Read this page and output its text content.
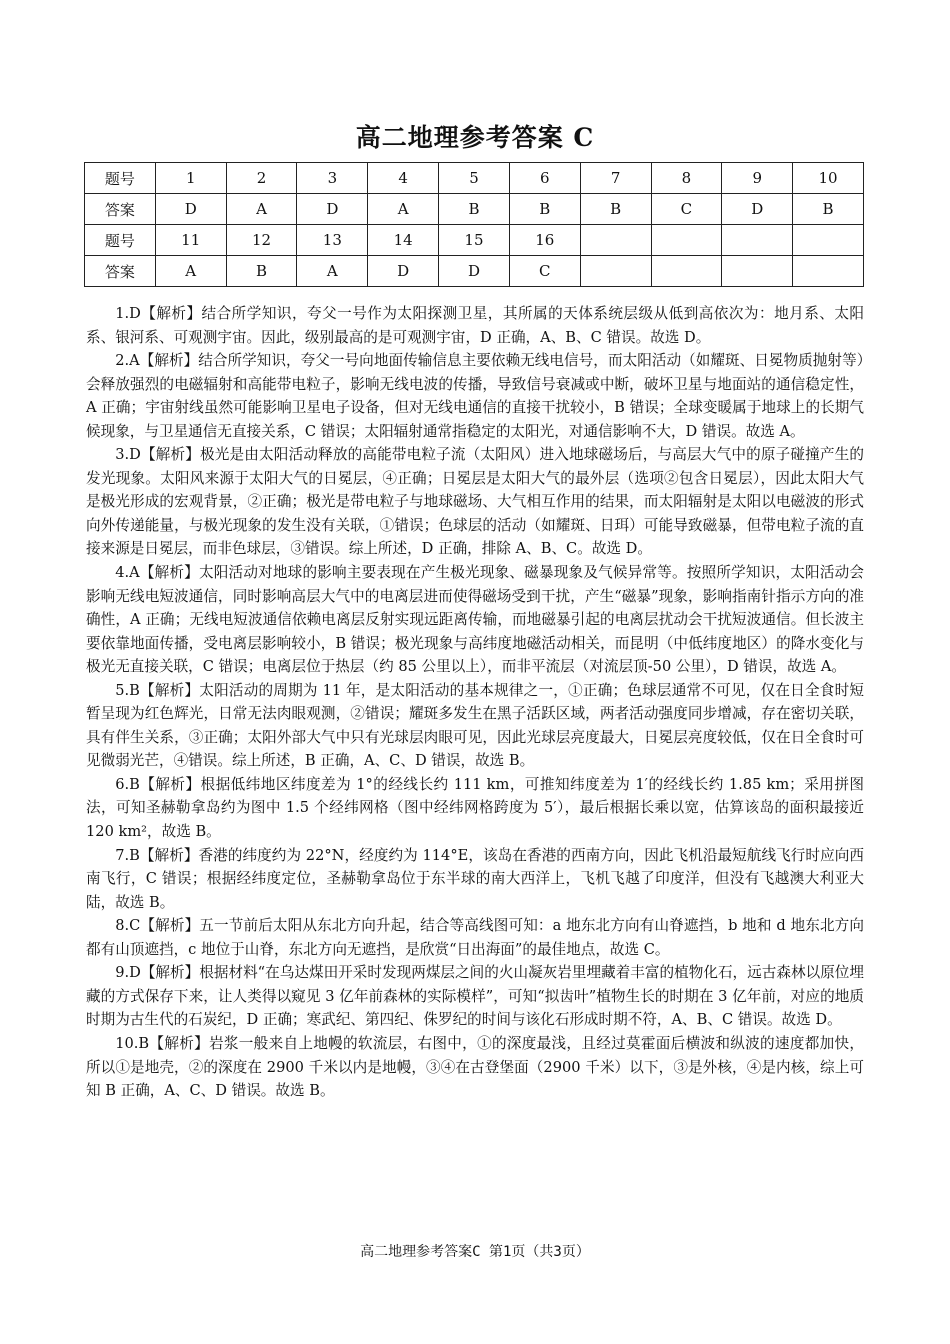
高二地理参考答案 C
题号	1	2	3	4	5	6	7	8	9	10
答案	D	A	D	A	B	B	B	C	D	B
题号	11	12	13	14	15	16				
答案	A	B	A	D	D	C				

1.D【解析】结合所学知识，夸父一号作为太阳探测卫星，其所属的天体系统层级从低到高依次为：地月系、太阳系、银河系、可观测宇宙。因此，级别最高的是可观测宇宙，D 正确，A、B、C 错误。故选 D。

2.A【解析】结合所学知识，夸父一号向地面传输信息主要依赖无线电信号，而太阳活动（如耀斑、日冕物质抛射等）会释放强烈的电磁辐射和高能带电粒子，影响无线电波的传播，导致信号衰减或中断，破坏卫星与地面站的通信稳定性，A 正确；宇宙射线虽然可能影响卫星电子设备，但对无线电通信的直接干扰较小，B 错误；全球变暖属于地球上的长期气候现象，与卫星通信无直接关系，C 错误；太阳辐射通常指稳定的太阳光，对通信影响不大，D 错误。故选 A。

3.D【解析】极光是由太阳活动释放的高能带电粒子流（太阳风）进入地球磁场后，与高层大气中的原子碰撞产生的发光现象。太阳风来源于太阳大气的日冕层，④正确；日冕层是太阳大气的最外层（选项②包含日冕层），因此太阳大气是极光形成的宏观背景，②正确；极光是带电粒子与地球磁场、大气相互作用的结果，而太阳辐射是太阳以电磁波的形式向外传递能量，与极光现象的发生没有关联，①错误；色球层的活动（如耀斑、日珥）可能导致磁暴，但带电粒子流的直接来源是日冕层，而非色球层，③错误。综上所述，D 正确，排除 A、B、C。故选 D。

4.A【解析】太阳活动对地球的影响主要表现在产生极光现象、磁暴现象及气候异常等。按照所学知识，太阳活动会影响无线电短波通信，同时影响高层大气中的电离层进而使得磁场受到干扰，产生“磁暴”现象，影响指南针指示方向的准确性，A 正确；无线电短波通信依赖电离层反射实现远距离传输，而地磁暴引起的电离层扰动会干扰短波通信。但长波主要依靠地面传播，受电离层影响较小，B 错误；极光现象与高纬度地磁活动相关，而昆明（中低纬度地区）的降水变化与极光无直接关联，C 错误；电离层位于热层（约 85 公里以上），而非平流层（对流层顶-50 公里），D 错误，故选 A。

5.B【解析】太阳活动的周期为 11 年，是太阳活动的基本规律之一，①正确；色球层通常不可见，仅在日全食时短暂呈现为红色辉光，日常无法肉眼观测，②错误；耀斑多发生在黑子活跃区域，两者活动强度同步增减，存在密切关联，具有伴生关系，③正确；太阳外部大气中只有光球层肉眼可见，因此光球层亮度最大，日冕层亮度较低，仅在日全食时可见微弱光芒，④错误。综上所述，B 正确，A、C、D 错误，故选 B。

6.B【解析】根据低纬地区纬度差为 1°的经线长约 111 km，可推知纬度差为 1′的经线长约 1.85 km；采用拼图法，可知圣赫勒拿岛约为图中 1.5 个经纬网格（图中经纬网格跨度为 5′），最后根据长乘以宽，估算该岛的面积最接近 120 km²，故选 B。

7.B【解析】香港的纬度约为 22°N，经度约为 114°E，该岛在香港的西南方向，因此飞机沿最短航线飞行时应向西南飞行，C 错误；根据经纬度定位，圣赫勒拿岛位于东半球的南大西洋上，飞机飞越了印度洋，但没有飞越澳大利亚大陆，故选 B。

8.C【解析】五一节前后太阳从东北方向升起，结合等高线图可知：a 地东北方向有山脊遮挡，b 地和 d 地东北方向都有山顶遮挡，c 地位于山脊，东北方向无遮挡，是欣赏“日出海面”的最佳地点，故选 C。

9.D【解析】根据材料“在乌达煤田开采时发现两煤层之间的火山凝灰岩里埋藏着丰富的植物化石，远古森林以原位埋藏的方式保存下来，让人类得以窥见 3 亿年前森林的实际模样”，可知“拟齿叶”植物生长的时期在 3 亿年前，对应的地质时期为古生代的石炭纪，D 正确；寒武纪、第四纪、侏罗纪的时间与该化石形成时期不符，A、B、C 错误。故选 D。

10.B【解析】岩浆一般来自上地幔的软流层，右图中，①的深度最浅，且经过莫霍面后横波和纵波的速度都加快，所以①是地壳，②的深度在 2900 千米以内是地幔，③④在古登堡面（2900 千米）以下，③是外核，④是内核，综上可知 B 正确，A、C、D 错误。故选 B。

高二地理参考答案C 第1页（共3页）
